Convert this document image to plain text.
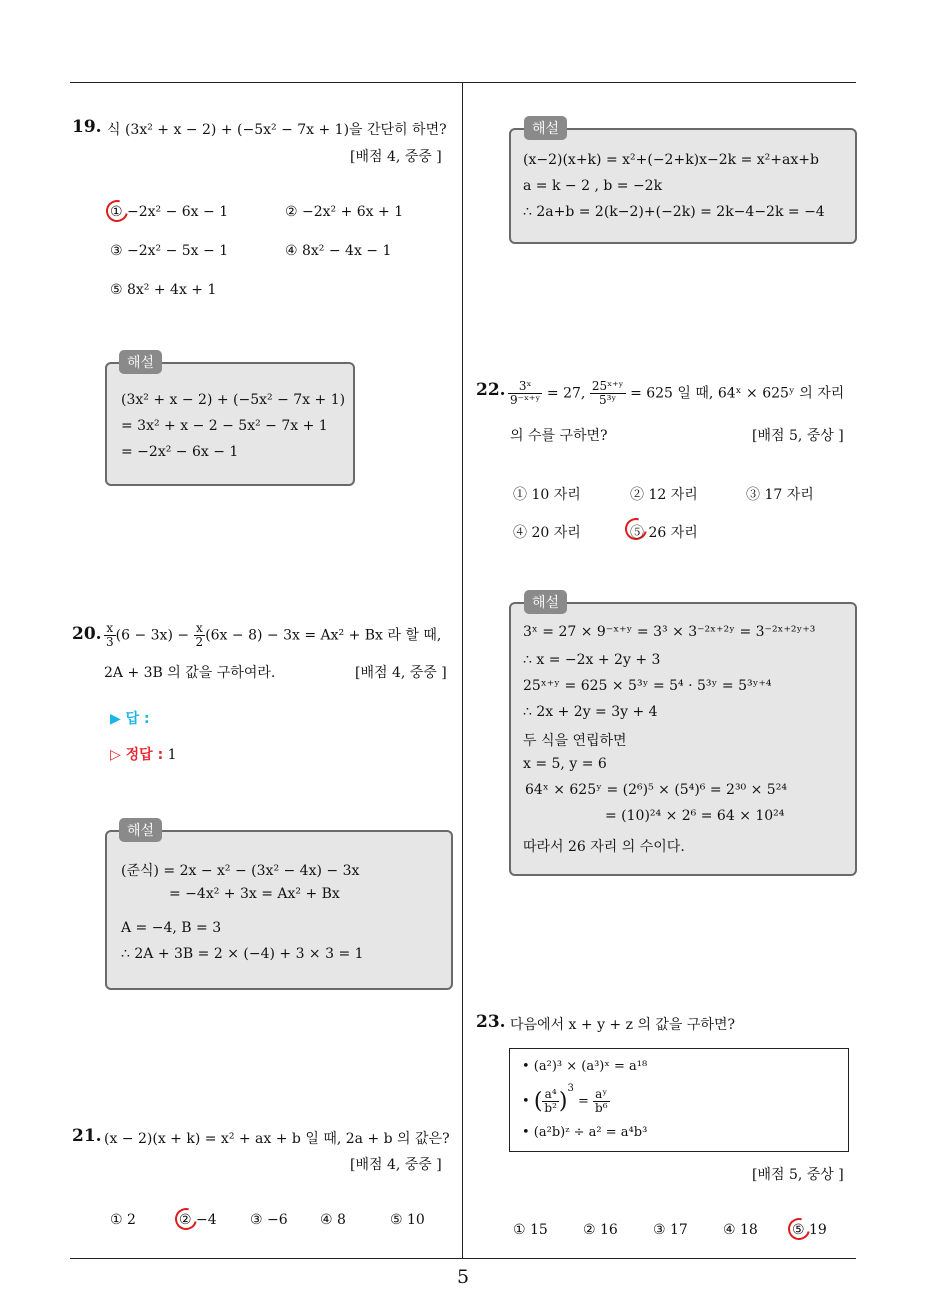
19. 식 (3x² + x − 2) + (−5x² − 7x + 1)을 간단히 하면?
[배점 4, 중중 ]
① −2x² − 6x − 1	② −2x² + 6x + 1
③ −2x² − 5x − 1	④ 8x² − 4x − 1
⑤ 8x² + 4x + 1
(3x² + x − 2) + (−5x² − 7x + 1)
= 3x² + x − 2 − 5x² − 7x + 1
= −2x² − 6x − 1
해설
20. $\frac{x}{3} (6 - 3x) - \frac{x}{2} (6x - 8) - 3x = Ax^2 + Bx$ 라 할 때,
2A + 3B 의 값을 구하여라.	[배점 4, 중중 ]
▶ 답 :
▷ 정답 : 1
(준식) = 2x − x² − (3x² − 4x) − 3x
= −4x² + 3x = Ax² + Bx
A = −4, B = 3
∴ 2A + 3B = 2 × (−4) + 3 × 3 = 1
해설
21. (x − 2)(x + k) = x² + ax + b 일 때, 2a + b 의 값은?
[배점 4, 중중 ]
① 2	② −4 ③ −6 ④ 8	⑤ 10
(x−2)(x+k) = x²+(−2+k)x−2k = x²+ax+b
a = k − 2 , b = −2k
∴ 2a+b = 2(k−2)+(−2k) = 2k−4−2k = −4
해설
22. $\frac{\text{3ˣ}}{\text{9⁻ˣ⁺ʸ}} = 27$, $\frac{\text{25ˣ⁺ʸ}}{\text{5³ʸ}} = 625$ 일 때, 64ˣ × 625ʸ 의 자리
의 수를 구하면?	[배점 5, 중상 ]
① 10 자리	② 12 자리	③ 17 자리
④ 20 자리	⑤ 26 자리
3ˣ = 27 × 9⁻ˣ⁺ʸ = 3³ × 3⁻²ˣ⁺²ʸ = 3⁻²ˣ⁺²ʸ⁺³
∴ x = −2x + 2y + 3
25ˣ⁺ʸ = 625 × 5³ʸ = 5⁴ · 5³ʸ = 5³ʸ⁺⁴
∴ 2x + 2y = 3y + 4
두 식을 연립하면
x = 5, y = 6
64ˣ × 625ʸ = (2⁶)⁵ × (5⁴)⁶ = 2³⁰ × 5²⁴
= (10)²⁴ × 2⁶ = 64 × 10²⁴
따라서 26 자리 의 수이다.
해설
23. 다음에서 x + y + z 의 값을 구하면?
• (a²)³ × (a³)ˣ = a¹⁸
• ( $\frac{\text{a⁴}}{\text{b²}} )^3 = \frac{\text{aʸ}}{\text{b⁶}}$
• (a²b)ᶻ ÷ a² = a⁴b³
[배점 5, 중상 ]
① 15	② 16	③ 17	④ 18 ⑤ 19
5
